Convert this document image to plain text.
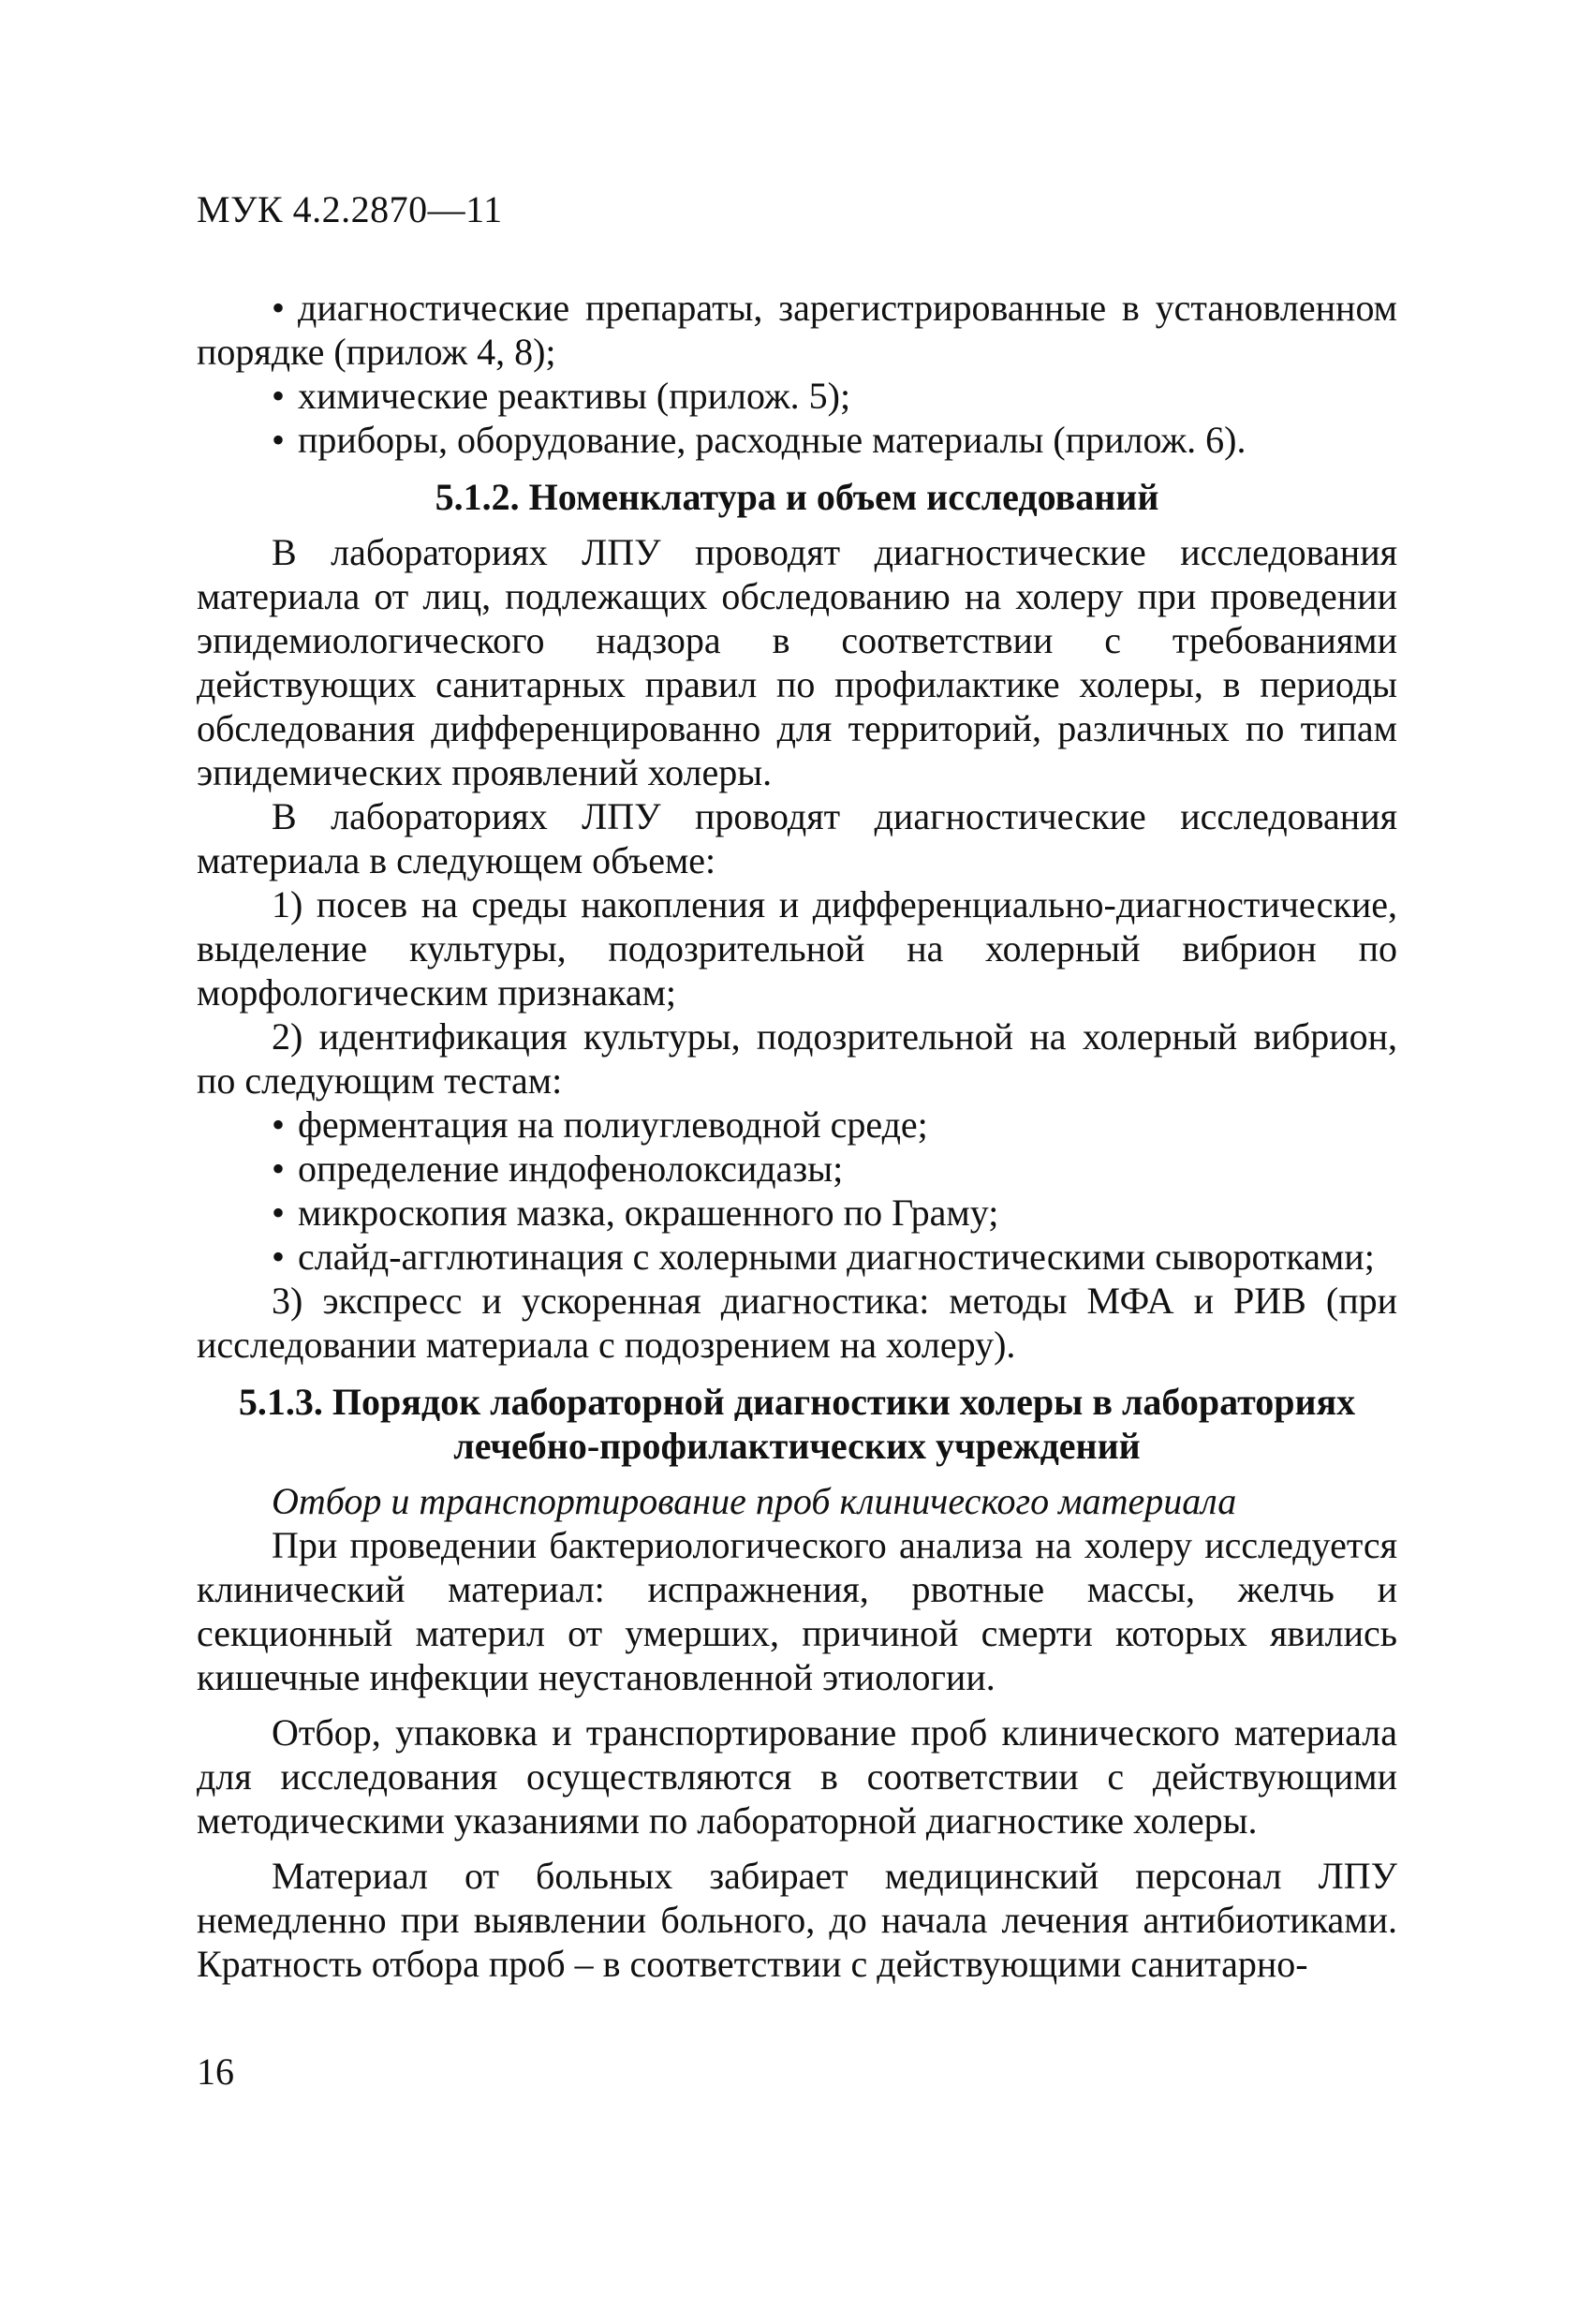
МУК 4.2.2870—11
• диагностические препараты, зарегистрированные в установленном порядке (прилож 4, 8);
• химические реактивы (прилож. 5);
• приборы, оборудование, расходные материалы (прилож. 6).
5.1.2. Номенклатура и объем исследований

В лабораториях ЛПУ проводят диагностические исследования материала от лиц, подлежащих обследованию на холеру при проведении эпидемиологического надзора в соответствии с требованиями действующих санитарных правил по профилактике холеры, в периоды обследования дифференцированно для территорий, различных по типам эпидемических проявлений холеры.

В лабораториях ЛПУ проводят диагностические исследования материала в следующем объеме:

1) посев на среды накопления и дифференциально-диагностические, выделение культуры, подозрительной на холерный вибрион по морфологическим признакам;

2) идентификация культуры, подозрительной на холерный вибрион, по следующим тестам:

• ферментация на полиуглеводной среде;
• определение индофенолоксидазы;
• микроскопия мазка, окрашенного по Граму;
• слайд-агглютинация с холерными диагностическими сыворотками;

3) экспресс и ускоренная диагностика: методы МФА и РИВ (при исследовании материала с подозрением на холеру).

5.1.3. Порядок лабораторной диагностики холеры в лабораториях
лечебно-профилактических учреждений
Отбор и транспортирование проб клинического материала

При проведении бактериологического анализа на холеру исследуется клинический материал: испражнения, рвотные массы, желчь и секционный материл от умерших, причиной смерти которых явились кишечные инфекции неустановленной этиологии.

Отбор, упаковка и транспортирование проб клинического материала для исследования осуществляются в соответствии с действующими методическими указаниями по лабораторной диагностике холеры.

Материал от больных забирает медицинский персонал ЛПУ немедленно при выявлении больного, до начала лечения антибиотиками. Кратность отбора проб – в соответствии с действующими санитарно-

16
